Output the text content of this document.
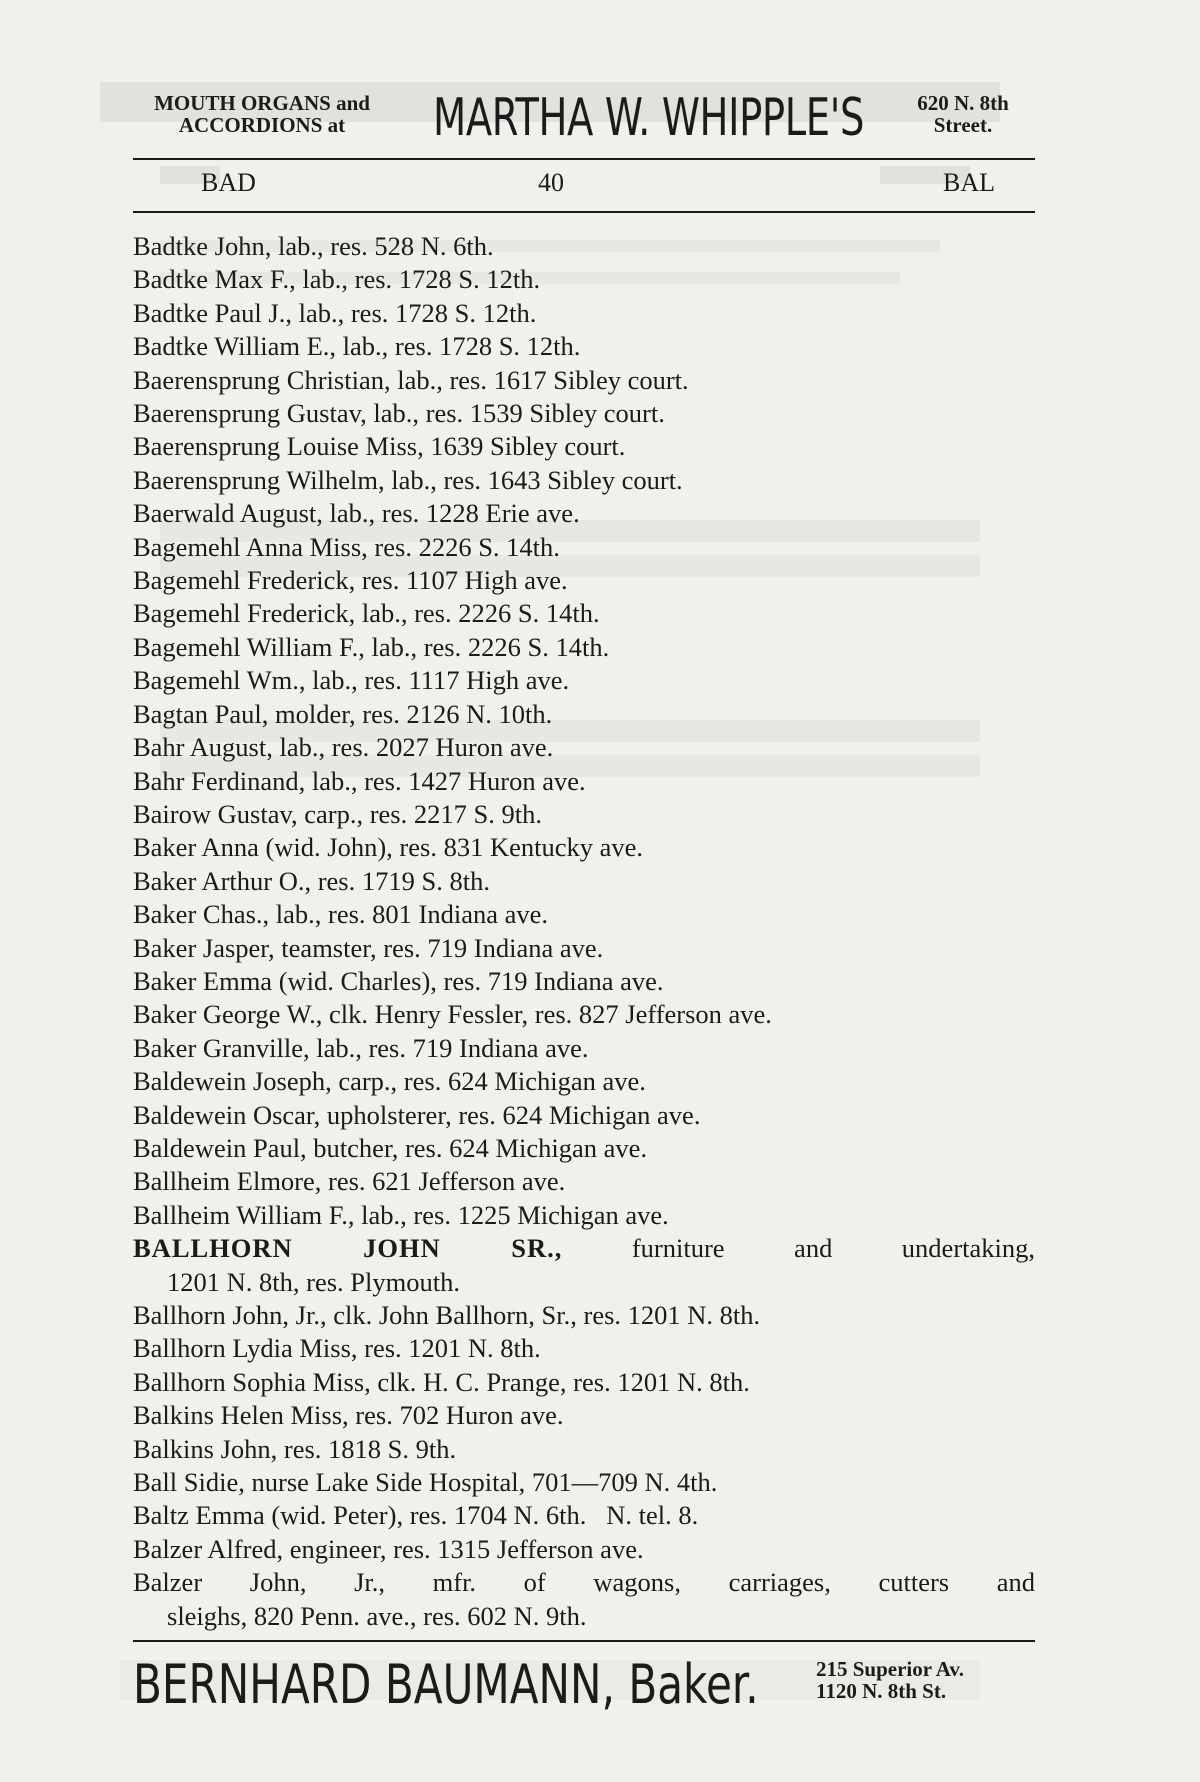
MOUTH ORGANS and
ACCORDIONS at	MARTHA W. WHIPPLE'S	620 N. 8th
Street.
BAD	40	BAL
Badtke John, lab., res. 528 N. 6th.
Badtke Max F., lab., res. 1728 S. 12th.
Badtke Paul J., lab., res. 1728 S. 12th.
Badtke William E., lab., res. 1728 S. 12th.
Baerensprung Christian, lab., res. 1617 Sibley court.
Baerensprung Gustav, lab., res. 1539 Sibley court.
Baerensprung Louise Miss, 1639 Sibley court.
Baerensprung Wilhelm, lab., res. 1643 Sibley court.
Baerwald August, lab., res. 1228 Erie ave.
Bagemehl Anna Miss, res. 2226 S. 14th.
Bagemehl Frederick, res. 1107 High ave.
Bagemehl Frederick, lab., res. 2226 S. 14th.
Bagemehl William F., lab., res. 2226 S. 14th.
Bagemehl Wm., lab., res. 1117 High ave.
Bagtan Paul, molder, res. 2126 N. 10th.
Bahr August, lab., res. 2027 Huron ave.
Bahr Ferdinand, lab., res. 1427 Huron ave.
Bairow Gustav, carp., res. 2217 S. 9th.
Baker Anna (wid. John), res. 831 Kentucky ave.
Baker Arthur O., res. 1719 S. 8th.
Baker Chas., lab., res. 801 Indiana ave.
Baker Jasper, teamster, res. 719 Indiana ave.
Baker Emma (wid. Charles), res. 719 Indiana ave.
Baker George W., clk. Henry Fessler, res. 827 Jefferson ave.
Baker Granville, lab., res. 719 Indiana ave.
Baldewein Joseph, carp., res. 624 Michigan ave.
Baldewein Oscar, upholsterer, res. 624 Michigan ave.
Baldewein Paul, butcher, res. 624 Michigan ave.
Ballheim Elmore, res. 621 Jefferson ave.
Ballheim William F., lab., res. 1225 Michigan ave.
BALLHORN JOHN SR., furniture and undertaking,
1201 N. 8th, res. Plymouth.
Ballhorn John, Jr., clk. John Ballhorn, Sr., res. 1201 N. 8th.
Ballhorn Lydia Miss, res. 1201 N. 8th.
Ballhorn Sophia Miss, clk. H. C. Prange, res. 1201 N. 8th.
Balkins Helen Miss, res. 702 Huron ave.
Balkins John, res. 1818 S. 9th.
Ball Sidie, nurse Lake Side Hospital, 701—709 N. 4th.
Baltz Emma (wid. Peter), res. 1704 N. 6th.   N. tel. 8.
Balzer Alfred, engineer, res. 1315 Jefferson ave.
Balzer John, Jr., mfr. of wagons, carriages, cutters and
sleighs, 820 Penn. ave., res. 602 N. 9th.
BERNHARD BAUMANN, Baker.	215 Superior Av.
1120 N. 8th St.
